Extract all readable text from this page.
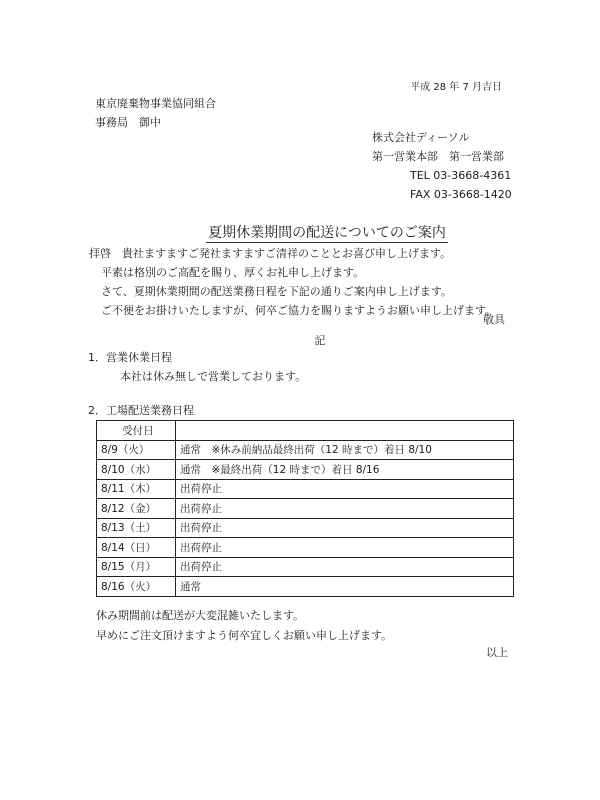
平成 28 年 7 月吉日
東京廃棄物事業協同組合
事務局　御中
株式会社ディーソル
第一営業本部　第一営業部
TEL 03-3668-4361
FAX 03-3668-1420
夏期休業期間の配送についてのご案内
拝啓　貴社ますますご発社ますますご清祥のこととお喜び申し上げます。
平素は格別のご高配を賜り、厚くお礼申し上げます。
さて、夏期休業期間の配送業務日程を下記の通りご案内申し上げます。
ご不便をお掛けいたしますが、何卒ご協力を賜りますようお願い申し上げます。
敬具
記
1．営業休業日程
本社は休み無しで営業しております。
2．工場配送業務日程
受付日	
8/9（火）	通常　※休み前納品最終出荷（12 時まで）着日 8/10
8/10（水）	通常　※最終出荷（12 時まで）着日 8/16
8/11（木）	出荷停止
8/12（金）	出荷停止
8/13（土）	出荷停止
8/14（日）	出荷停止
8/15（月）	出荷停止
8/16（火）	通常
休み期間前は配送が大変混雑いたします。
早めにご注文頂けますよう何卒宜しくお願い申し上げます。
以上
